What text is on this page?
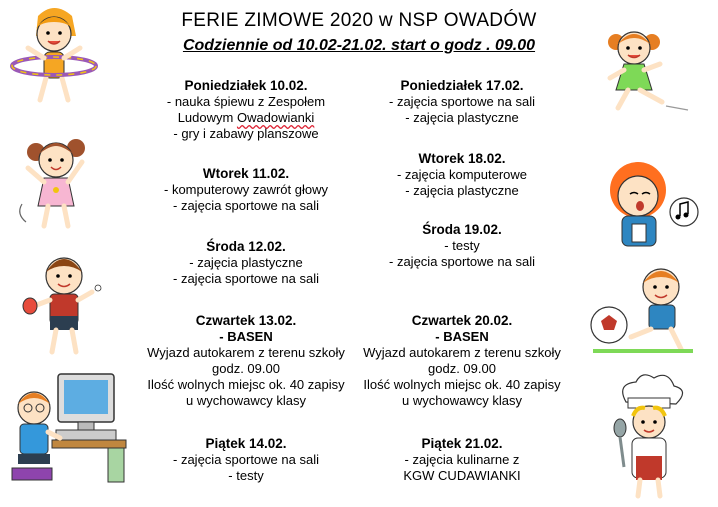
FERIE ZIMOWE 2020 w NSP OWADÓW
Codziennie od 10.02-21.02. start o godz . 09.00
Poniedziałek 10.02.
- nauka śpiewu z Zespołem
Ludowym Owadowianki
- gry i zabawy planszowe
Wtorek 11.02.
- komputerowy zawrót głowy
- zajęcia sportowe na sali
Środa 12.02.
- zajęcia plastyczne
- zajęcia sportowe na sali
Czwartek 13.02.
- BASEN
Wyjazd autokarem z terenu szkoły
godz. 09.00
Ilość wolnych miejsc ok. 40 zapisy
u wychowawcy klasy
Piątek 14.02.
- zajęcia sportowe na sali
- testy
Poniedziałek 17.02.
- zajęcia sportowe na sali
- zajęcia plastyczne
Wtorek 18.02.
- zajęcia komputerowe
- zajęcia plastyczne
Środa 19.02.
- testy
- zajęcia sportowe na sali
Czwartek 20.02.
- BASEN
Wyjazd autokarem z terenu szkoły
godz. 09.00
Ilość wolnych miejsc ok. 40 zapisy
u wychowawcy klasy
Piątek 21.02.
- zajęcia kulinarne z
KGW CUDAWIANKI
